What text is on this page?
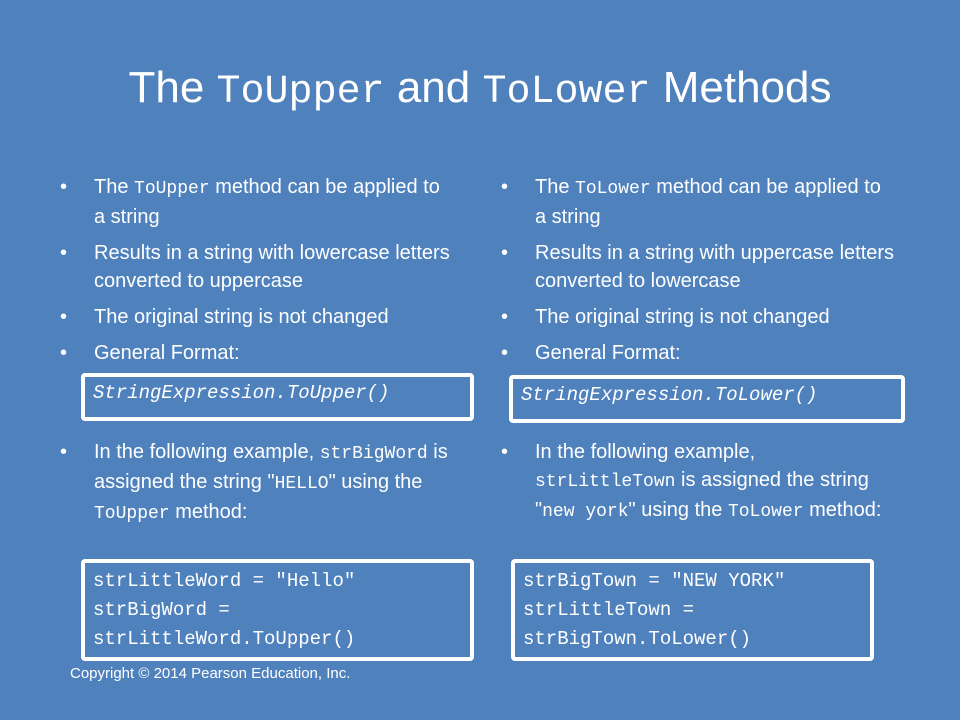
The ToUpper and ToLower Methods
• The ToUpper method can be applied to a string
• Results in a string with lowercase letters converted to uppercase
• The original string is not changed
• General Format:
StringExpression.ToUpper()
• In the following example, strBigWord is assigned the string "HELLO" using the ToUpper method:
strLittleWord = "Hello"
strBigWord =
strLittleWord.ToUpper()
• The ToLower method can be applied to a string
• Results in a string with uppercase letters converted to lowercase
• The original string is not changed
• General Format:
StringExpression.ToLower()
• In the following example, strLittleTown is assigned the string "new york" using the ToLower method:
strBigTown = "NEW YORK"
strLittleTown =
strBigTown.ToLower()
Copyright © 2014 Pearson Education, Inc.
